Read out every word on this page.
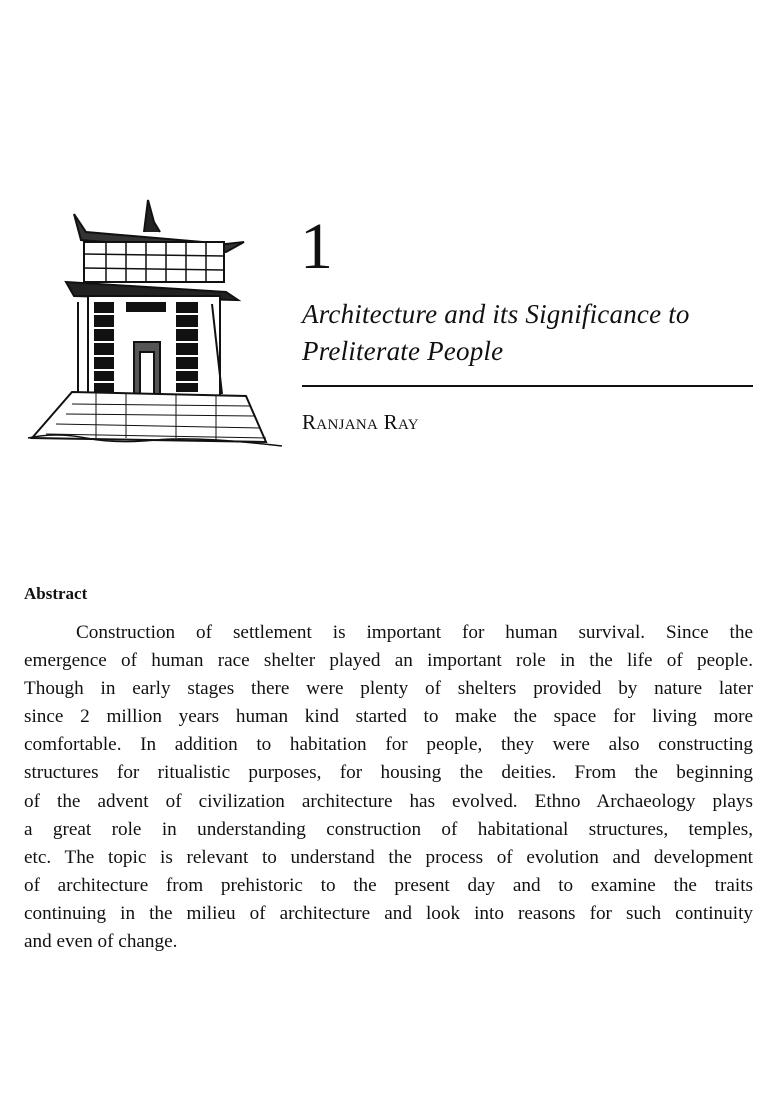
1
Architecture and its Significance to
Preliterate People
Ranjana Ray
Abstract
Construction of settlement is important for human survival. Since the
emergence of human race shelter played an important role in the life of people.
Though in early stages there were plenty of shelters provided by nature later
since 2 million years human kind started to make the space for living more
comfortable. In addition to habitation for people, they were also constructing
structures for ritualistic purposes, for housing the deities. From the beginning
of the advent of civilization architecture has evolved. Ethno Archaeology plays
a great role in understanding construction of habitational structures, temples,
etc. The topic is relevant to understand the process of evolution and development
of architecture from prehistoric to the present day and to examine the traits
continuing in the milieu of architecture and look into reasons for such continuity
and even of change.
